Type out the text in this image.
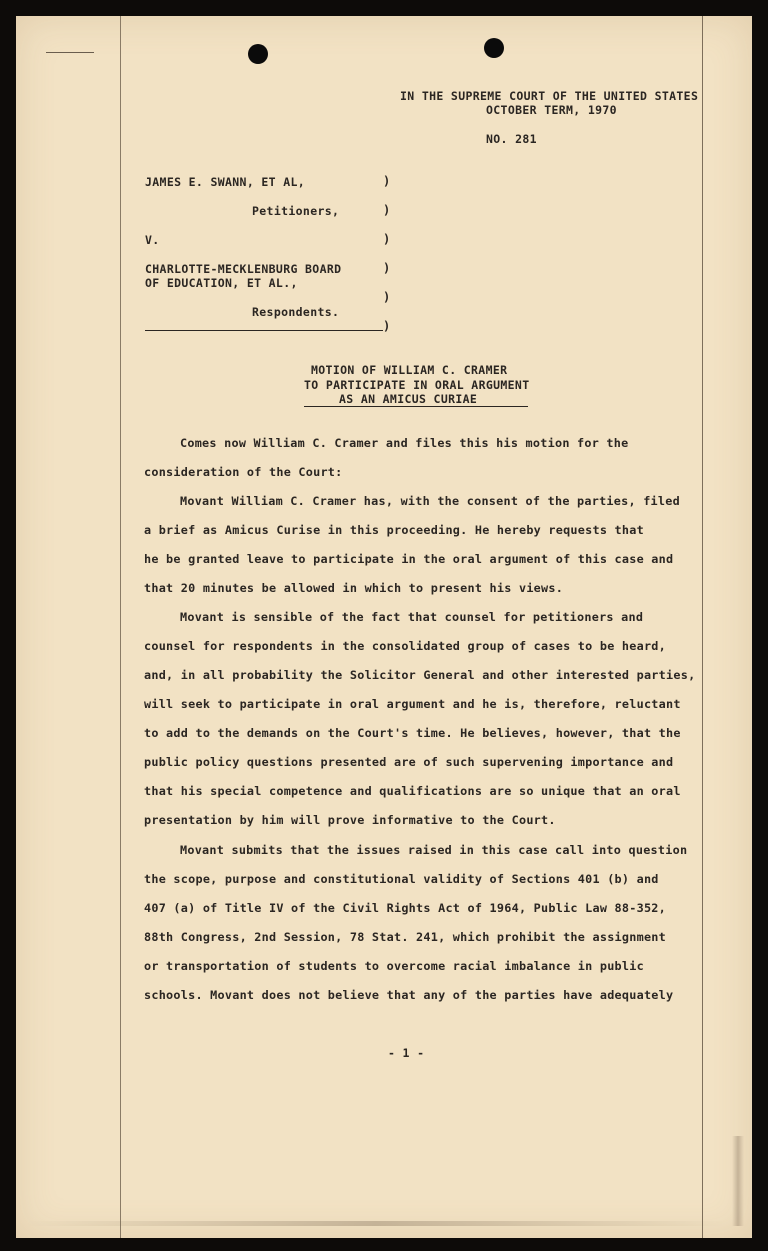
IN THE SUPREME COURT OF THE UNITED STATES
OCTOBER TERM, 1970
NO. 281
JAMES E. SWANN, ET AL,
Petitioners,
V.
CHARLOTTE-MECKLENBURG BOARD
OF EDUCATION, ET AL.,
Respondents.
)
)
)
)
)
)
MOTION OF WILLIAM C. CRAMER
TO PARTICIPATE IN ORAL ARGUMENT
AS AN AMICUS CURIAE
Comes now William C. Cramer and files this his motion for the
consideration of the Court:
Movant William C. Cramer has, with the consent of the parties, filed
a brief as Amicus Curise in this proceeding. He hereby requests that
he be granted leave to participate in the oral argument of this case and
that 20 minutes be allowed in which to present his views.
Movant is sensible of the fact that counsel for petitioners and
counsel for respondents in the consolidated group of cases to be heard,
and, in all probability the Solicitor General and other interested parties,
will seek to participate in oral argument and he is, therefore, reluctant
to add to the demands on the Court's time. He believes, however, that the
public policy questions presented are of such supervening importance and
that his special competence and qualifications are so unique that an oral
presentation by him will prove informative to the Court.
Movant submits that the issues raised in this case call into question
the scope, purpose and constitutional validity of Sections 401 (b) and
407 (a) of Title IV of the Civil Rights Act of 1964, Public Law 88-352,
88th Congress, 2nd Session, 78 Stat. 241, which prohibit the assignment
or transportation of students to overcome racial imbalance in public
schools. Movant does not believe that any of the parties have adequately
- 1 -
